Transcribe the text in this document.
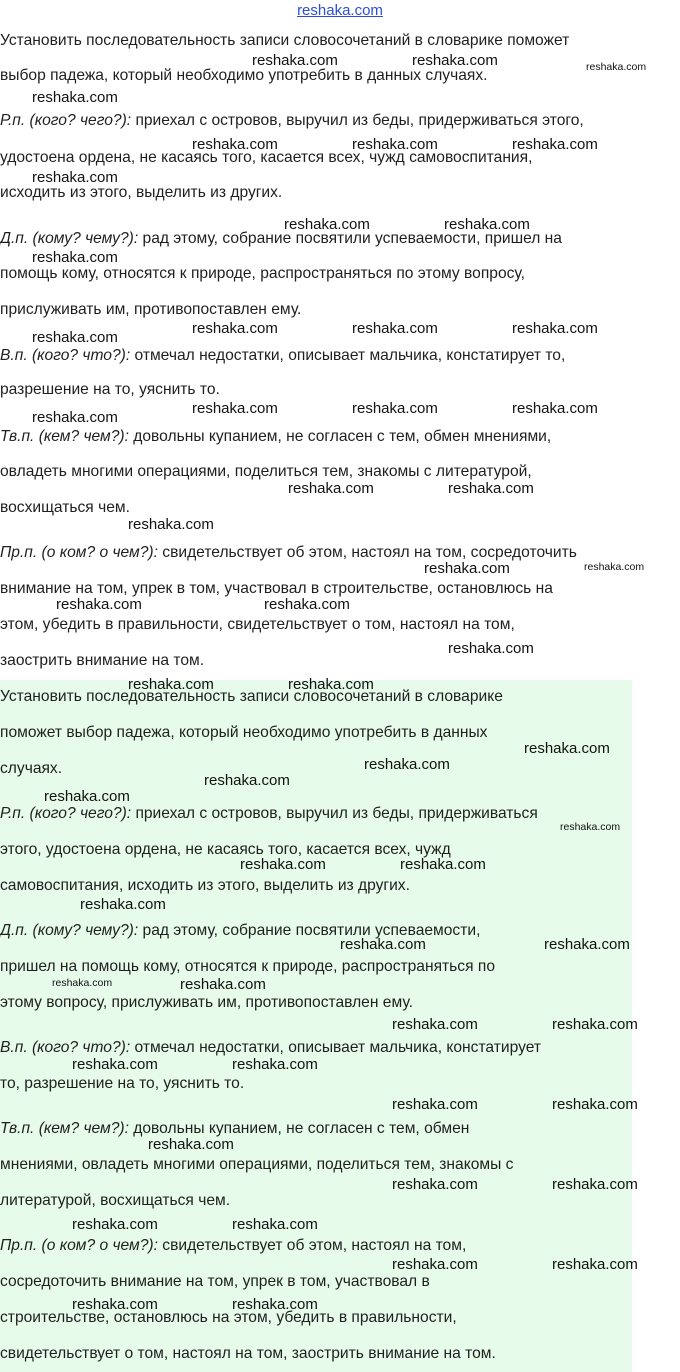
reshaka.com
Установить последовательность записи словосочетаний в словарике поможет
выбор падежа, который необходимо употребить в данных случаях.
Р.п. (кого? чего?): приехал с островов, выручил из беды, придерживаться этого,
удостоена ордена, не касаясь того, касается всех, чужд самовоспитания,
исходить из этого, выделить из других.
Д.п. (кому? чему?): рад этому, собрание посвятили успеваемости, пришел на
помощь кому, относятся к природе, распространяться по этому вопросу,
прислуживать им, противопоставлен ему.
В.п. (кого? что?): отмечал недостатки, описывает мальчика, констатирует то,
разрешение на то, уяснить то.
Тв.п. (кем? чем?): довольны купанием, не согласен с тем, обмен мнениями,
овладеть многими операциями, поделиться тем, знакомы с литературой,
восхищаться чем.
Пр.п. (о ком? о чем?): свидетельствует об этом, настоял на том, сосредоточить
внимание на том, упрек в том, участвовал в строительстве, остановлюсь на
этом, убедить в правильности, свидетельствует о том, настоял на том,
заострить внимание на том.
Установить последовательность записи словосочетаний в словарике
поможет выбор падежа, который необходимо употребить в данных
случаях.
Р.п. (кого? чего?): приехал с островов, выручил из беды, придерживаться
этого, удостоена ордена, не касаясь того, касается всех, чужд
самовоспитания, исходить из этого, выделить из других.
Д.п. (кому? чему?): рад этому, собрание посвятили успеваемости,
пришел на помощь кому, относятся к природе, распространяться по
этому вопросу, прислуживать им, противопоставлен ему.
В.п. (кого? что?): отмечал недостатки, описывает мальчика, констатирует
то, разрешение на то, уяснить то.
Тв.п. (кем? чем?): довольны купанием, не согласен с тем, обмен
мнениями, овладеть многими операциями, поделиться тем, знакомы с
литературой, восхищаться чем.
Пр.п. (о ком? о чем?): свидетельствует об этом, настоял на том,
сосредоточить внимание на том, упрек в том, участвовал в
строительстве, остановлюсь на этом, убедить в правильности,
свидетельствует о том, настоял на том, заострить внимание на том.
reshaka.com	reshaka.com	reshaka.com
reshaka.com
reshaka.com	reshaka.com	reshaka.com
reshaka.com
reshaka.com	reshaka.com
reshaka.com
reshaka.com	reshaka.com	reshaka.com
reshaka.com
reshaka.com	reshaka.com	reshaka.com
reshaka.com
reshaka.com	reshaka.com
reshaka.com
reshaka.com	reshaka.com
reshaka.com	reshaka.com
reshaka.com
reshaka.com	reshaka.com
reshaka.com
reshaka.com
reshaka.com
reshaka.com
reshaka.com
reshaka.com	reshaka.com
reshaka.com
reshaka.com	reshaka.com
reshaka.com	reshaka.com
reshaka.com	reshaka.com
reshaka.com	reshaka.com
reshaka.com	reshaka.com
reshaka.com
reshaka.com	reshaka.com
reshaka.com	reshaka.com
reshaka.com	reshaka.com
reshaka.com	reshaka.com
